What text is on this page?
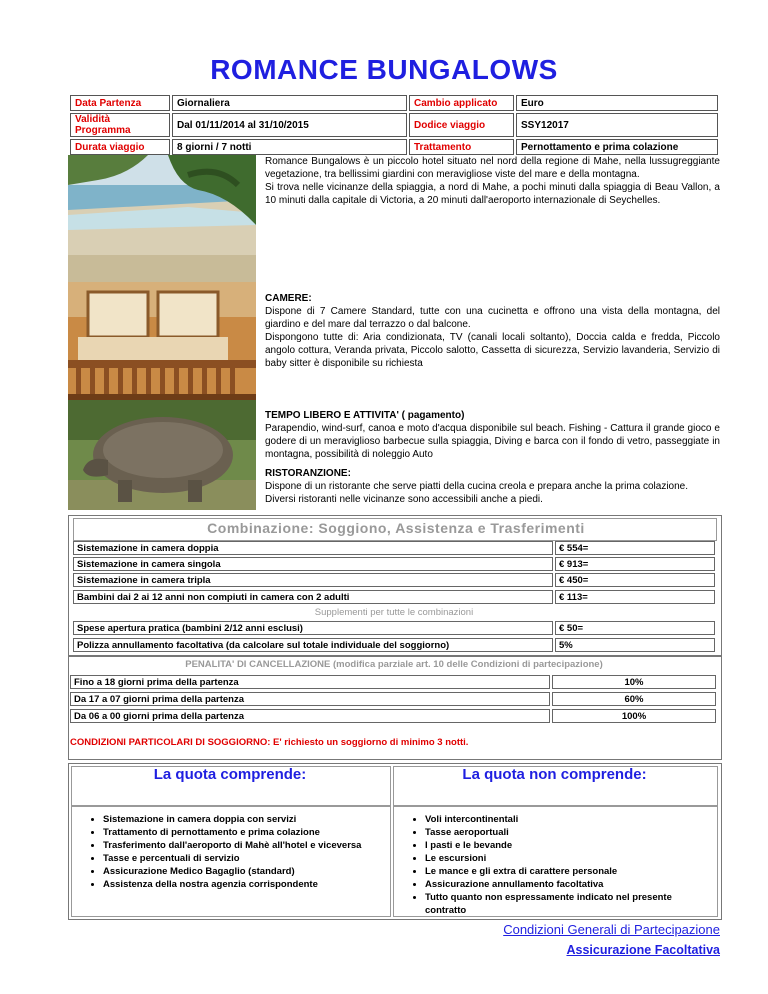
ROMANCE BUNGALOWS
Data Partenza	Giornaliera	Cambio applicato	Euro
Validità Programma	Dal 01/11/2014 al 31/10/2015	Dodice viaggio	SSY12017
Durata viaggio	8 giorni / 7 notti	Trattamento	Pernottamento e prima colazione
Romance Bungalows è un piccolo hotel situato nel nord della regione di Mahe, nella lussugreggiante vegetazione, tra bellissimi giardini con meravigliose viste del mare e della montagna.
Si trova nelle vicinanze della spiaggia, a nord di Mahe, a pochi minuti dalla spiaggia di Beau Vallon, a 10 minuti dalla capitale di Victoria, a 20 minuti dall'aeroporto internazionale di Seychelles.
CAMERE:
Dispone di 7 Camere Standard, tutte con una cucinetta e offrono una vista della montagna, del giardino e del mare dal terrazzo o dal balcone.
Dispongono tutte di: Aria condizionata, TV (canali locali soltanto), Doccia calda e fredda, Piccolo angolo cottura, Veranda privata, Piccolo salotto, Cassetta di sicurezza, Servizio lavanderia, Servizio di baby sitter è disponibile su richiesta
TEMPO LIBERO E ATTIVITA' ( pagamento)
Parapendio, wind-surf, canoa e moto d'acqua disponibile sul beach. Fishing - Cattura il grande gioco e godere di un meraviglioso barbecue sulla spiaggia, Diving e barca con il fondo di vetro, passeggiate in montagna, possibilità di noleggio Auto
RISTORANZIONE:
Dispone di un ristorante che serve piatti della cucina creola e prepara anche la prima colazione.
Diversi ristoranti nelle vicinanze sono accessibili anche a piedi.
Combinazione: Soggiono, Assistenza e Trasferimenti
Sistemazione in camera doppia	€ 554=
Sistemazione in camera singola	€ 913=
Sistemazione in camera tripla	€ 450=
Bambini dai 2 ai 12 anni non compiuti in camera con 2 adulti	€ 113=
Supplementi per tutte le combinazioni
Spese apertura pratica (bambini 2/12 anni esclusi)	€ 50=
Polizza annullamento facoltativa (da calcolare sul totale individuale del soggiorno)	5%
PENALITA' DI CANCELLAZIONE (modifica parziale art. 10 delle Condizioni di partecipazione)
Fino a 18 giorni prima della partenza	10%
Da 17 a 07 giorni prima della partenza	60%
Da 06 a 00 giorni prima della partenza	100%
CONDIZIONI PARTICOLARI DI SOGGIORNO: E' richiesto un soggiorno di minimo 3 notti.
La quota comprende:	La quota non comprende:
• Sistemazione in camera doppia con servizi
• Trattamento di pernottamento e prima colazione
• Trasferimento dall'aeroporto di Mahè all'hotel e viceversa
• Tasse e percentuali di servizio
• Assicurazione Medico Bagaglio (standard)
• Assistenza della nostra agenzia corrispondente
• Voli intercontinentali
• Tasse aeroportuali
• I pasti e le bevande
• Le escursioni
• Le mance e gli extra di carattere personale
• Assicurazione annullamento facoltativa
• Tutto quanto non espressamente indicato nel presente contratto
Condizioni Generali di Partecipazione
Assicurazione Facoltativa
